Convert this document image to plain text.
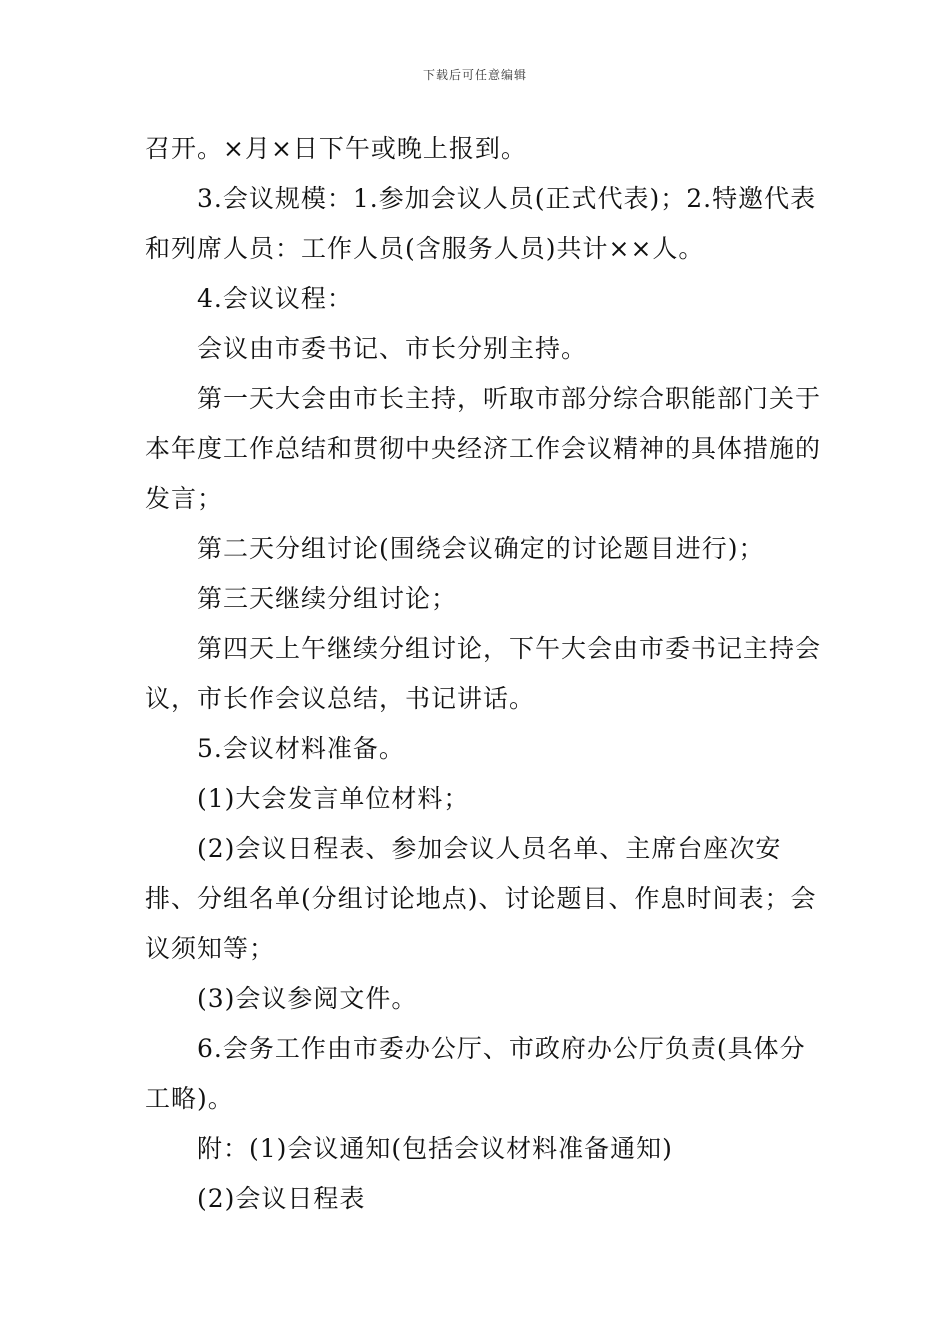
下载后可任意编辑

召开。×月×日下午或晚上报到。

3.会议规模：1.参加会议人员(正式代表)；2.特邀代表和列席人员：工作人员(含服务人员)共计××人。

4.会议议程：

会议由市委书记、市长分别主持。

第一天大会由市长主持，听取市部分综合职能部门关于本年度工作总结和贯彻中央经济工作会议精神的具体措施的发言；

第二天分组讨论(围绕会议确定的讨论题目进行)；

第三天继续分组讨论；

第四天上午继续分组讨论，下午大会由市委书记主持会议，市长作会议总结，书记讲话。

5.会议材料准备。

(1)大会发言单位材料；

(2)会议日程表、参加会议人员名单、主席台座次安排、分组名单(分组讨论地点)、讨论题目、作息时间表；会议须知等；

(3)会议参阅文件。

6.会务工作由市委办公厅、市政府办公厅负责(具体分工略)。

附：(1)会议通知(包括会议材料准备通知)

(2)会议日程表
